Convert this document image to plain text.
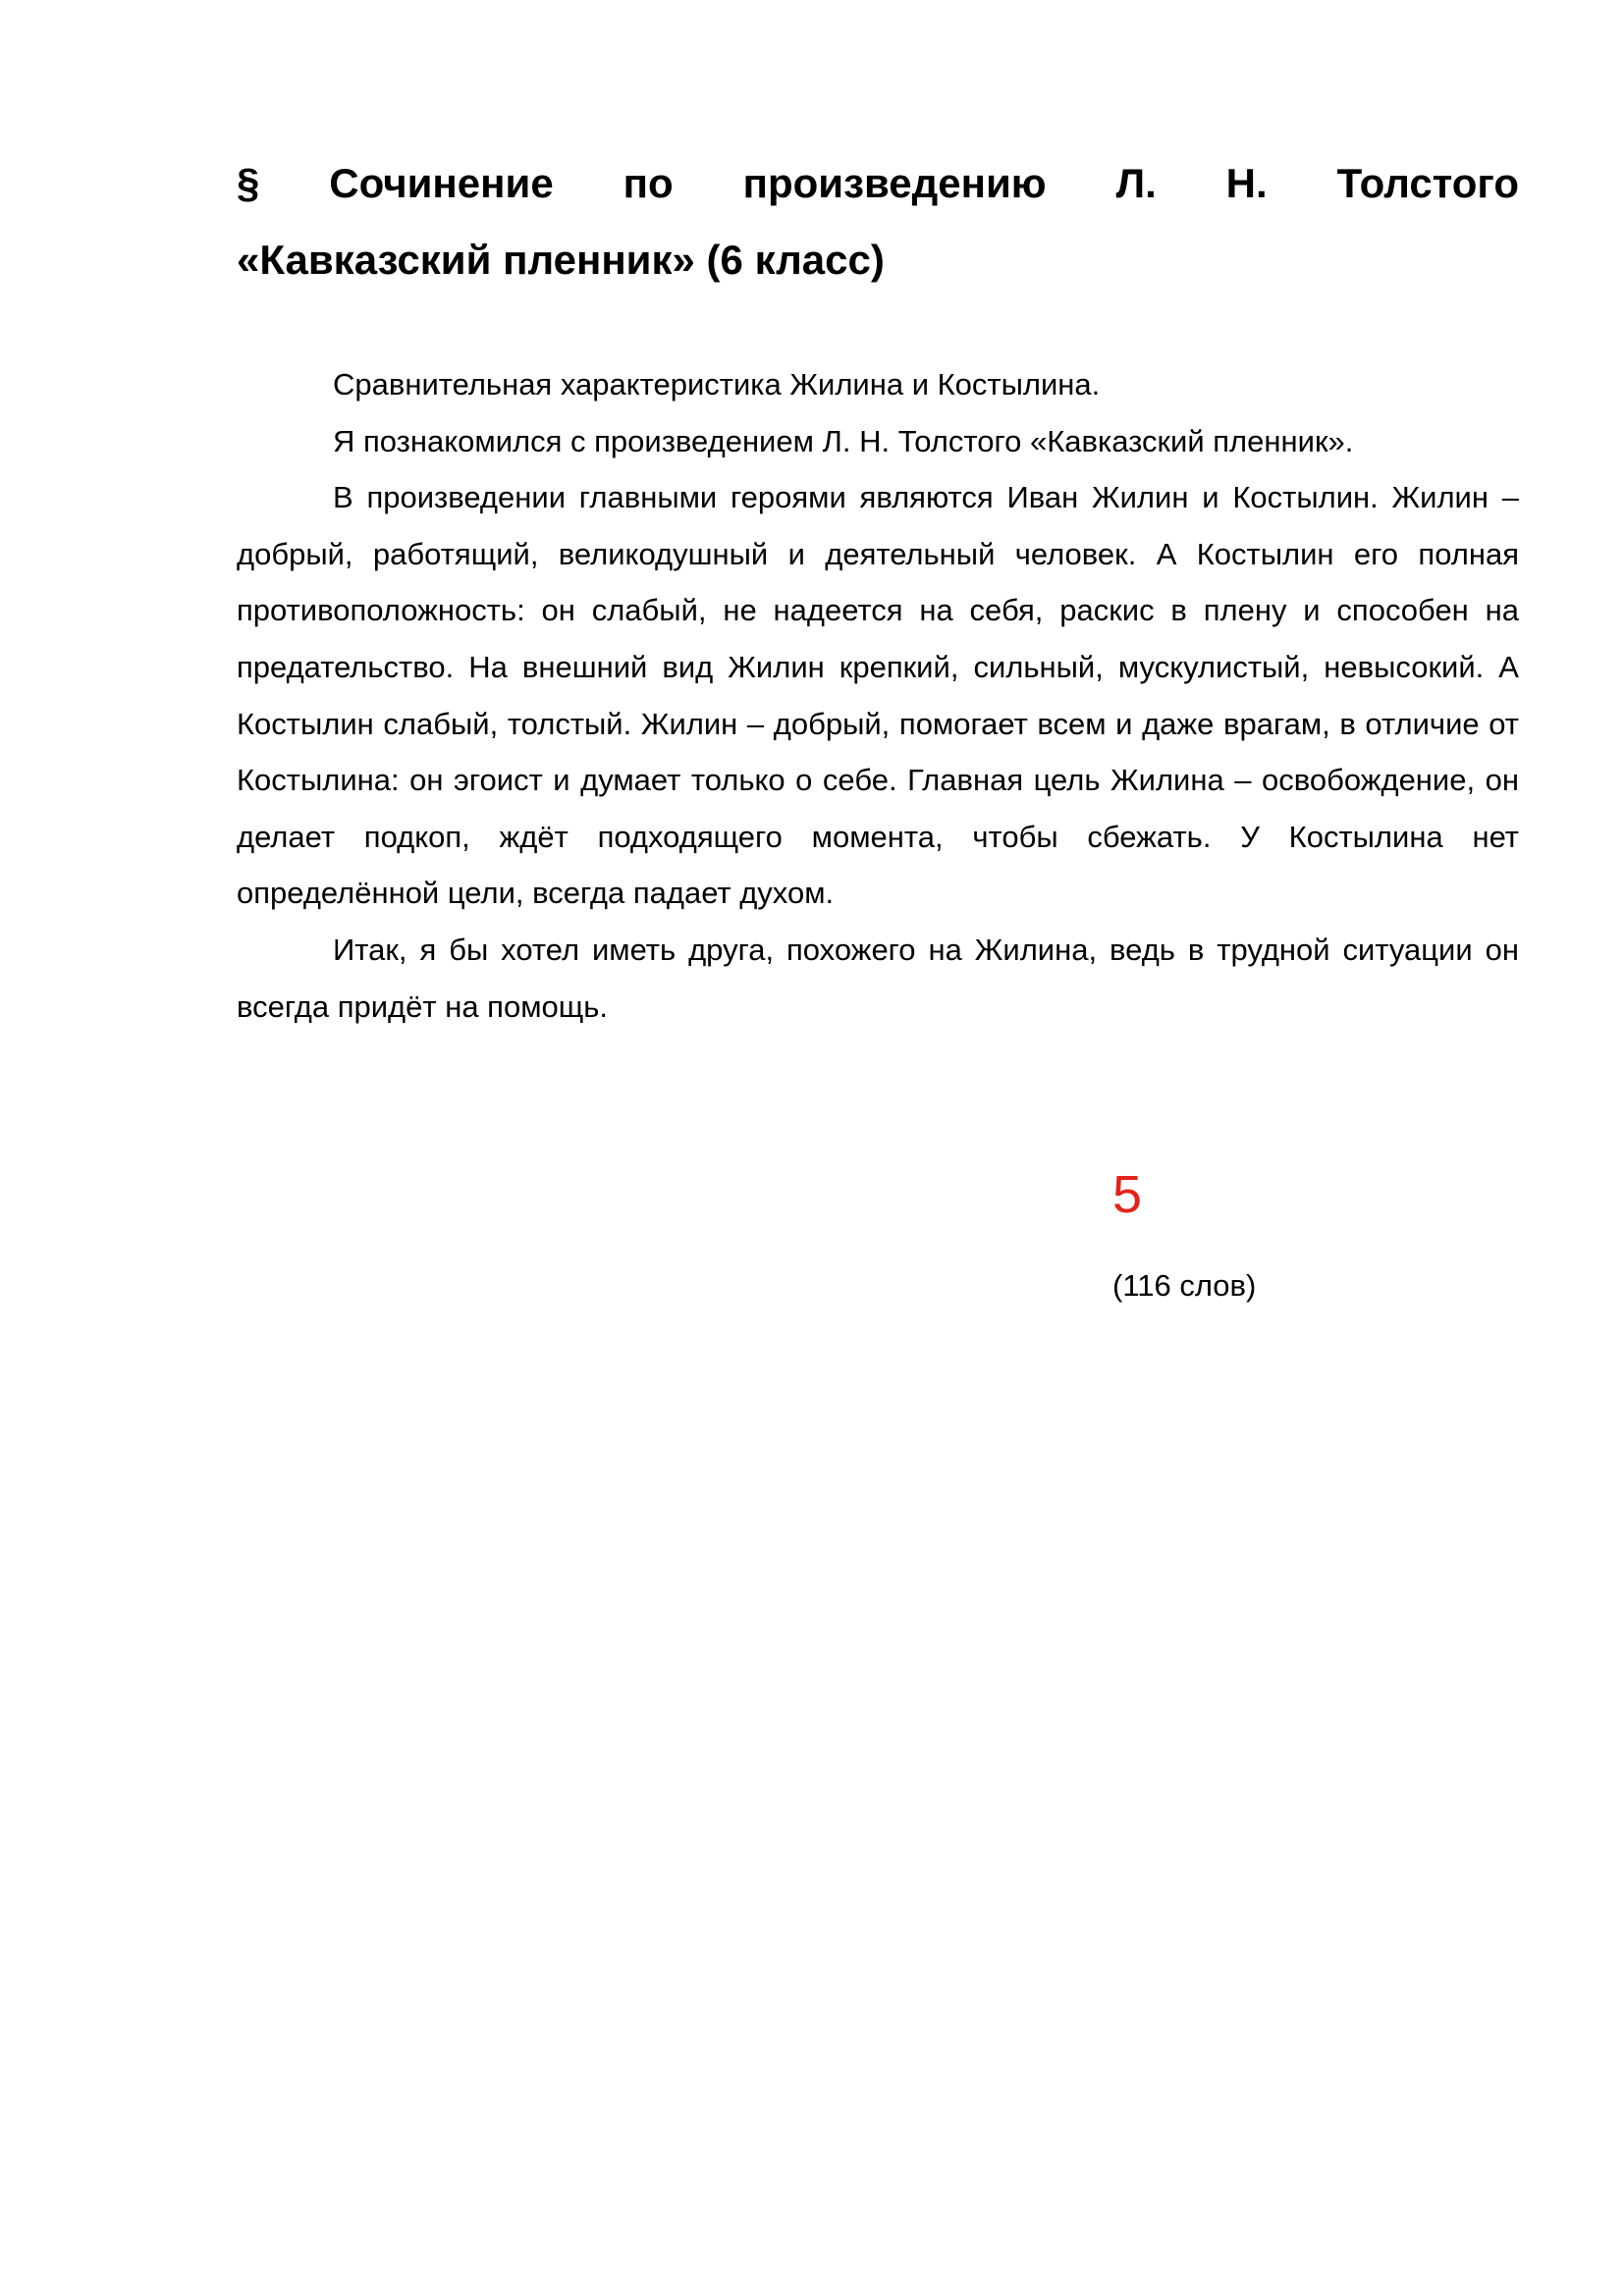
§ Сочинение по произведению Л. Н. Толстого
«Кавказский пленник» (6 класс)

Сравнительная характеристика Жилина и Костылина.

Я познакомился с произведением Л. Н. Толстого «Кавказский пленник».

В произведении главными героями являются Иван Жилин и Костылин. Жилин – добрый, работящий, великодушный и деятельный человек. А Костылин его полная противоположность: он слабый, не надеется на себя, раскис в плену и способен на предательство. На внешний вид Жилин крепкий, сильный, мускулистый, невысокий. А Костылин слабый, толстый. Жилин – добрый, помогает всем и даже врагам, в отличие от Костылина: он эгоист и думает только о себе. Главная цель Жилина – освобождение, он делает подкоп, ждёт подходящего момента, чтобы сбежать. У Костылина нет определённой цели, всегда падает духом.

Итак, я бы хотел иметь друга, похожего на Жилина, ведь в трудной ситуации он всегда придёт на помощь.

5
(116 слов)
